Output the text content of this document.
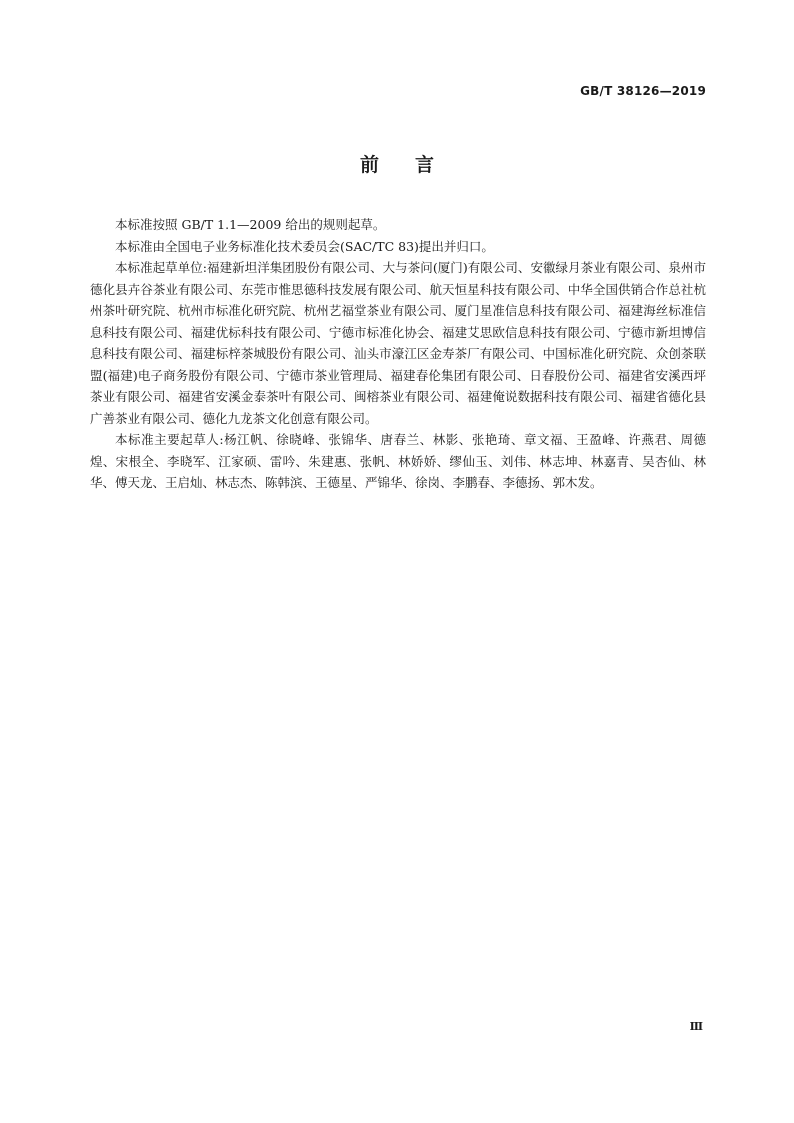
GB/T 38126—2019
前言

本标准按照 GB/T 1.1—2009 给出的规则起草。

本标准由全国电子业务标准化技术委员会(SAC/TC 83)提出并归口。

本标准起草单位:福建新坦洋集团股份有限公司、大与茶问(厦门)有限公司、安徽绿月茶业有限公司、泉州市德化县卉谷茶业有限公司、东莞市惟思德科技发展有限公司、航天恒星科技有限公司、中华全国供销合作总社杭州茶叶研究院、杭州市标准化研究院、杭州艺福堂茶业有限公司、厦门星准信息科技有限公司、福建海丝标准信息科技有限公司、福建优标科技有限公司、宁德市标准化协会、福建艾思欧信息科技有限公司、宁德市新坦博信息科技有限公司、福建标梓茶城股份有限公司、汕头市濠江区金寿茶厂有限公司、中国标准化研究院、众创茶联盟(福建)电子商务股份有限公司、宁德市茶业管理局、福建春伦集团有限公司、日春股份公司、福建省安溪西坪茶业有限公司、福建省安溪金泰茶叶有限公司、闽榕茶业有限公司、福建俺说数据科技有限公司、福建省德化县广善茶业有限公司、德化九龙茶文化创意有限公司。

本标准主要起草人:杨江帆、徐晓峰、张锦华、唐春兰、林影、张艳琦、章文福、王盈峰、许燕君、周德煌、宋根全、李晓军、江家硕、雷吟、朱建惠、张帆、林娇娇、缪仙玉、刘伟、林志坤、林嘉青、吴杏仙、林华、傅天龙、王启灿、林志杰、陈韩滨、王德星、严锦华、徐岗、李鹏春、李德扬、郭木发。

Ⅲ
